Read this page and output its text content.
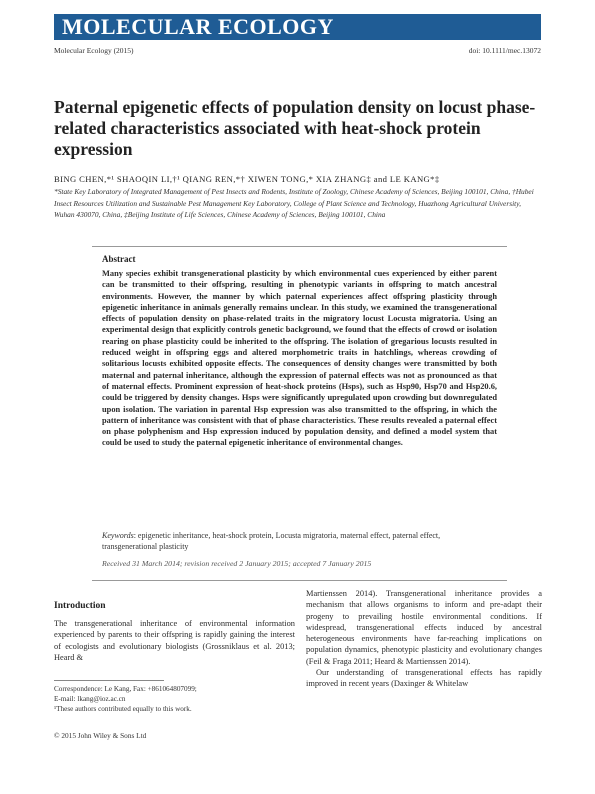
MOLECULAR ECOLOGY
Molecular Ecology (2015)	doi: 10.1111/mec.13072
Paternal epigenetic effects of population density on locust phase-related characteristics associated with heat-shock protein expression
BING CHEN,*¹ SHAOQIN LI,†¹ QIANG REN,*† XIWEN TONG,* XIA ZHANG‡ and LE KANG*‡
*State Key Laboratory of Integrated Management of Pest Insects and Rodents, Institute of Zoology, Chinese Academy of Sciences, Beijing 100101, China, †Hubei Insect Resources Utilization and Sustainable Pest Management Key Laboratory, College of Plant Science and Technology, Huazhong Agricultural University, Wuhan 430070, China, ‡Beijing Institute of Life Sciences, Chinese Academy of Sciences, Beijing 100101, China
Abstract
Many species exhibit transgenerational plasticity by which environmental cues experienced by either parent can be transmitted to their offspring, resulting in phenotypic variants in offspring to match ancestral environments. However, the manner by which paternal experiences affect offspring plasticity through epigenetic inheritance in animals generally remains unclear. In this study, we examined the transgenerational effects of population density on phase-related traits in the migratory locust Locusta migratoria. Using an experimental design that explicitly controls genetic background, we found that the effects of crowd or isolation rearing on phase plasticity could be inherited to the offspring. The isolation of gregarious locusts resulted in reduced weight in offspring eggs and altered morphometric traits in hatchlings, whereas crowding of solitarious locusts exhibited opposite effects. The consequences of density changes were transmitted by both maternal and paternal inheritance, although the expression of paternal effects was not as pronounced as that of maternal effects. Prominent expression of heat-shock proteins (Hsps), such as Hsp90, Hsp70 and Hsp20.6, could be triggered by density changes. Hsps were significantly upregulated upon crowding but downregulated upon isolation. The variation in parental Hsp expression was also transmitted to the offspring, in which the pattern of inheritance was consistent with that of phase characteristics. These results revealed a paternal effect on phase polyphenism and Hsp expression induced by population density, and defined a model system that could be used to study the paternal epigenetic inheritance of environmental changes.
Keywords: epigenetic inheritance, heat-shock protein, Locusta migratoria, maternal effect, paternal effect, transgenerational plasticity
Received 31 March 2014; revision received 2 January 2015; accepted 7 January 2015
Introduction
The transgenerational inheritance of environmental information experienced by parents to their offspring is rapidly gaining the interest of ecologists and evolutionary biologists (Grossniklaus et al. 2013; Heard &
Martienssen 2014). Transgenerational inheritance provides a mechanism that allows organisms to inform and pre-adapt their progeny to prevailing hostile environmental conditions. If widespread, transgenerational effects induced by ancestral heterogeneous environments have far-reaching implications on population dynamics, phenotypic plasticity and evolutionary changes (Feil & Fraga 2011; Heard & Martienssen 2014).
Our understanding of transgenerational effects has rapidly improved in recent years (Daxinger & Whitelaw
Correspondence: Le Kang, Fax: +861064807099;
E-mail: lkang@ioz.ac.cn
¹These authors contributed equally to this work.
© 2015 John Wiley & Sons Ltd
